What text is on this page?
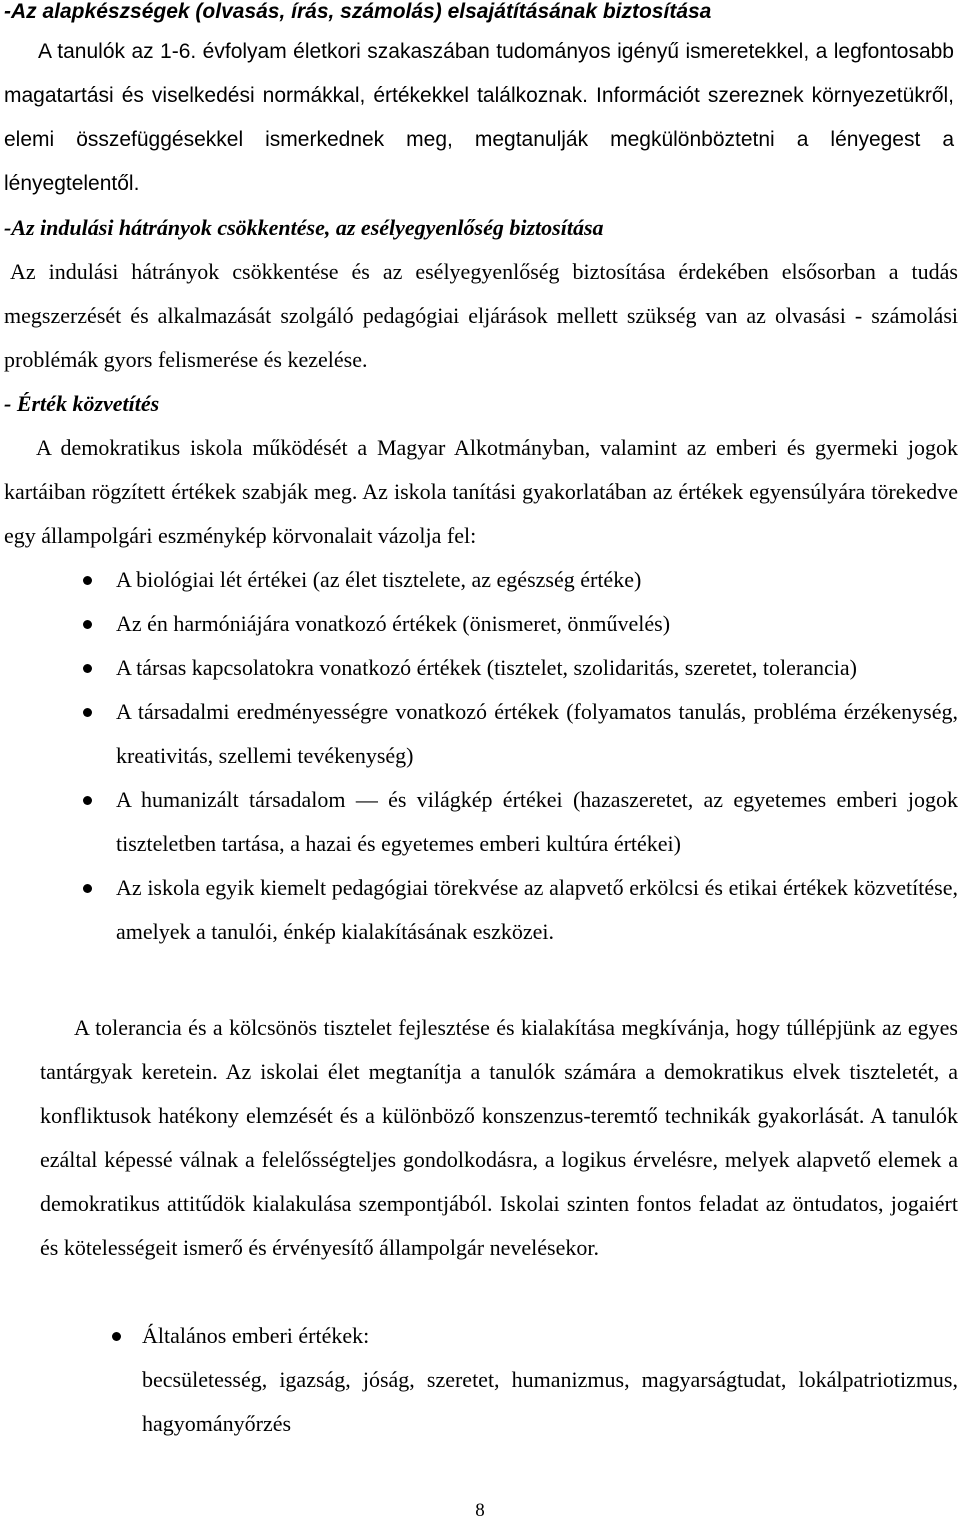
-Az alapkészségek (olvasás, írás, számolás) elsajátításának biztosítása

A tanulók az 1-6. évfolyam életkori szakaszában tudományos igényű ismeretekkel, a legfontosabb magatartási és viselkedési normákkal, értékekkel találkoznak. Információt szereznek környezetükről, elemi összefüggésekkel ismerkednek meg, megtanulják megkülönböztetni a lényegest a lényegtelentől.

-Az indulási hátrányok csökkentése, az esélyegyenlőség biztosítása

Az indulási hátrányok csökkentése és az esélyegyenlőség biztosítása érdekében elsősorban a tudás megszerzését és alkalmazását szolgáló pedagógiai eljárások mellett szükség van az olvasási - számolási problémák gyors felismerése és kezelése.

- Érték közvetítés

A demokratikus iskola működését a Magyar Alkotmányban, valamint az emberi és gyermeki jogok kartáiban rögzített értékek szabják meg. Az iskola tanítási gyakorlatában az értékek egyensúlyára törekedve egy állampolgári eszménykép körvonalait vázolja fel:

A biológiai lét értékei (az élet tisztelete, az egészség értéke)
Az én harmóniájára vonatkozó értékek (önismeret, önművelés)
A társas kapcsolatokra vonatkozó értékek (tisztelet, szolidaritás, szeretet, tolerancia)
A társadalmi eredményességre vonatkozó értékek (folyamatos tanulás, probléma érzékenység, kreativitás, szellemi tevékenység)
A humanizált társadalom — és világkép értékei (hazaszeretet, az egyetemes emberi jogok tiszteletben tartása, a hazai és egyetemes emberi kultúra értékei)
Az iskola egyik kiemelt pedagógiai törekvése az alapvető erkölcsi és etikai értékek közvetítése, amelyek a tanulói, énkép kialakításának eszközei.

A tolerancia és a kölcsönös tisztelet fejlesztése és kialakítása megkívánja, hogy túllépjünk az egyes tantárgyak keretein. Az iskolai élet megtanítja a tanulók számára a demokratikus elvek tiszteletét, a konfliktusok hatékony elemzését és a különböző konszenzus-teremtő technikák gyakorlását. A tanulók ezáltal képessé válnak a felelősségteljes gondolkodásra, a logikus érvelésre, melyek alapvető elemek a demokratikus attitűdök kialakulása szempontjából. Iskolai szinten fontos feladat az öntudatos, jogaiért és kötelességeit ismerő és érvényesítő állampolgár nevelésekor.

Általános emberi értékek:
becsületesség, igazság, jóság, szeretet, humanizmus, magyarságtudat, lokálpatriotizmus, hagyományőrzés
8
